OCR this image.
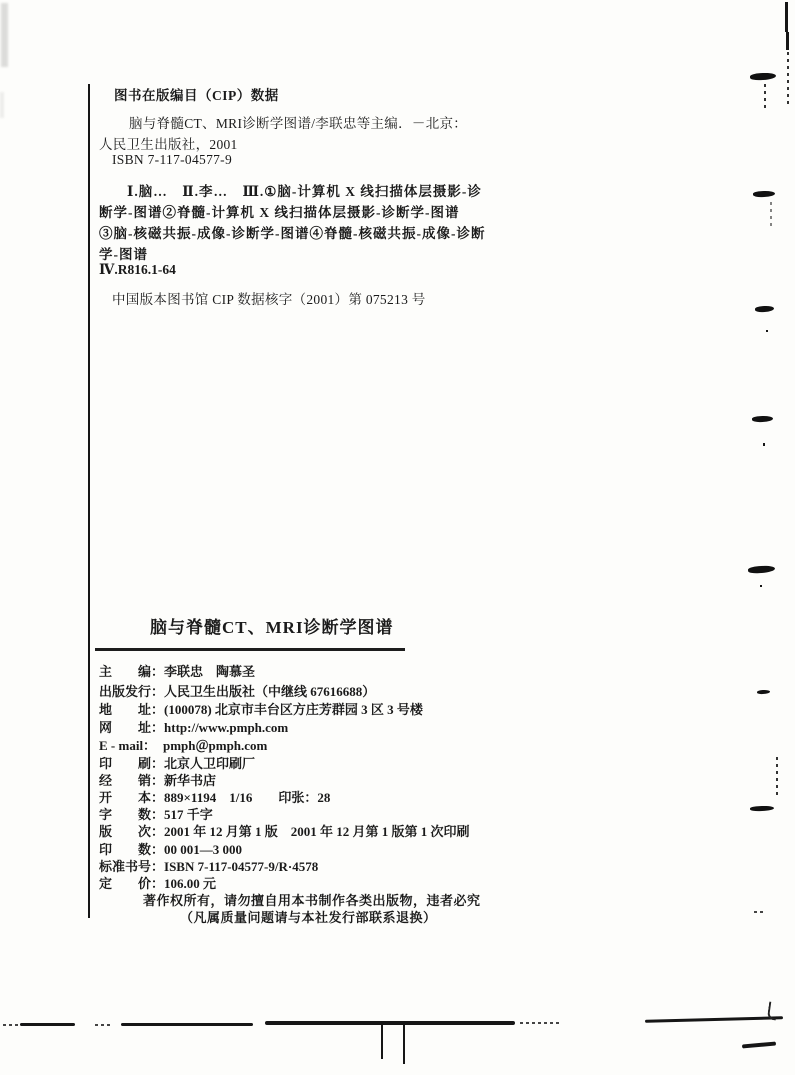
图书在版编目（CIP）数据
脑与脊髓CT、MRI诊断学图谱/李联忠等主编．－北京：
人民卫生出版社，2001
ISBN 7-117-04577-9
Ⅰ.脑…　Ⅱ.李…　Ⅲ.①脑-计算机 X 线扫描体层摄影-诊
断学-图谱②脊髓-计算机 X 线扫描体层摄影-诊断学-图谱
③脑-核磁共振-成像-诊断学-图谱④脊髓-核磁共振-成像-诊断
学-图谱
Ⅳ.R816.1-64
中国版本图书馆 CIP 数据核字（2001）第 075213 号
脑与脊髓CT、MRI诊断学图谱
主　　编：李联忠　陶慕圣
出版发行：人民卫生出版社（中继线 67616688）
地　　址：(100078) 北京市丰台区方庄芳群园 3 区 3 号楼
网　　址：http://www.pmph.com
E - mail： pmph＠pmph.com
印　　刷：北京人卫印刷厂
经　　销：新华书店
开　　本：889×1194　1/16　　印张：28
字　　数：517 千字
版　　次：2001 年 12 月第 1 版　2001 年 12 月第 1 版第 1 次印刷
印　　数：00 001—3 000
标准书号：ISBN 7-117-04577-9/R·4578
定　　价：106.00 元
著作权所有，请勿擅自用本书制作各类出版物，违者必究
（凡属质量问题请与本社发行部联系退换）
